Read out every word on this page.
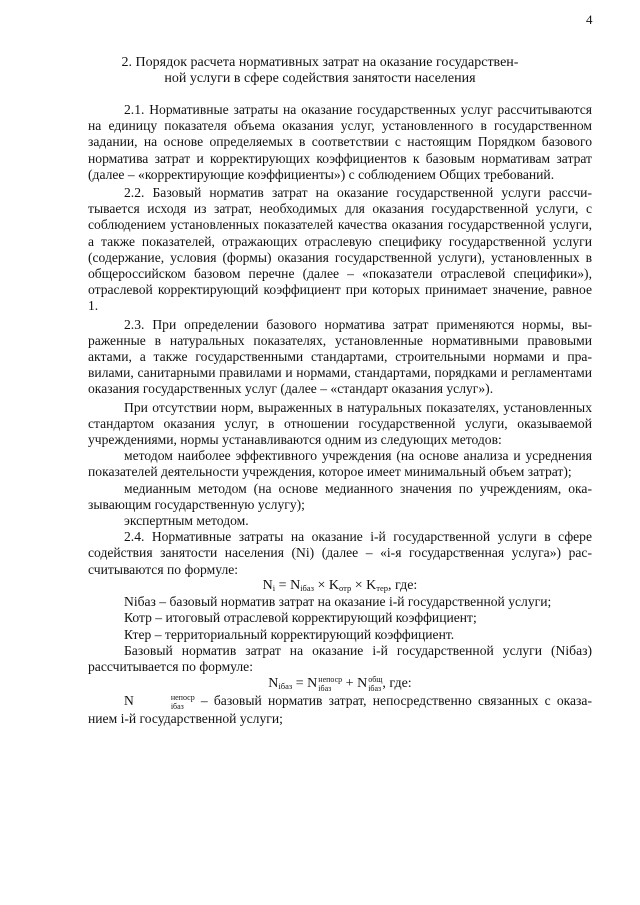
4
2. Порядок расчета нормативных затрат на оказание государствен-
ной услуги в сфере содействия занятости населения

2.1. Нормативные затраты на оказание государственных услуг рассчитываются на единицу показателя объема оказания услуг, установленного в государственном задании, на основе определяемых в соответствии с настоящим Порядком базового норматива затрат и корректирующих коэффициентов к базовым нормативам затрат (далее – «корректирующие коэффициенты») с соблюдением Общих требований.

2.2. Базовый норматив затрат на оказание государственной услуги рассчитывается исходя из затрат, необходимых для оказания государственной услуги, с соблюдением установленных показателей качества оказания государственной услуги, а также показателей, отражающих отраслевую специфику государственной услуги (содержание, условия (формы) оказания государственной услуги), установленных в общероссийском базовом перечне (далее – «показатели отраслевой специфики»), отраслевой корректирующий коэффициент при которых принимает значение, равное 1.

2.3. При определении базового норматива затрат применяются нормы, выраженные в натуральных показателях, установленные нормативными правовыми актами, а также государственными стандартами, строительными нормами и правилами, санитарными правилами и нормами, стандартами, порядками и регламентами оказания государственных услуг (далее – «стандарт оказания услуг»).

При отсутствии норм, выраженных в натуральных показателях, установленных стандартом оказания услуг, в отношении государственной услуги, оказываемой учреждениями, нормы устанавливаются одним из следующих методов:

методом наиболее эффективного учреждения (на основе анализа и усреднения показателей деятельности учреждения, которое имеет минимальный объем затрат);

медианным методом (на основе медианного значения по учреждениям, оказывающим государственную услугу);

экспертным методом.

2.4. Нормативные затраты на оказание i-й государственной услуги в сфере содействия занятости населения (Ni) (далее – «i-я государственная услуга») рассчитываются по формуле:

$N_i = N_{iбаз} \times K_{отр} \times K_{тер}$, где:

Niбаз – базовый норматив затрат на оказание i-й государственной услуги;

Котр – итоговый отраслевой корректирующий коэффициент;

Ктер – территориальный корректирующий коэффициент.

Базовый норматив затрат на оказание i-й государственной услуги (Niбаз) рассчитывается по формуле:

$N_{iбаз} = N$ непоср
iбаз + N общ
iбаз , где:

N	непоср
iбаз – базовый норматив затрат, непосредственно связанных с оказанием i-й государственной услуги;
